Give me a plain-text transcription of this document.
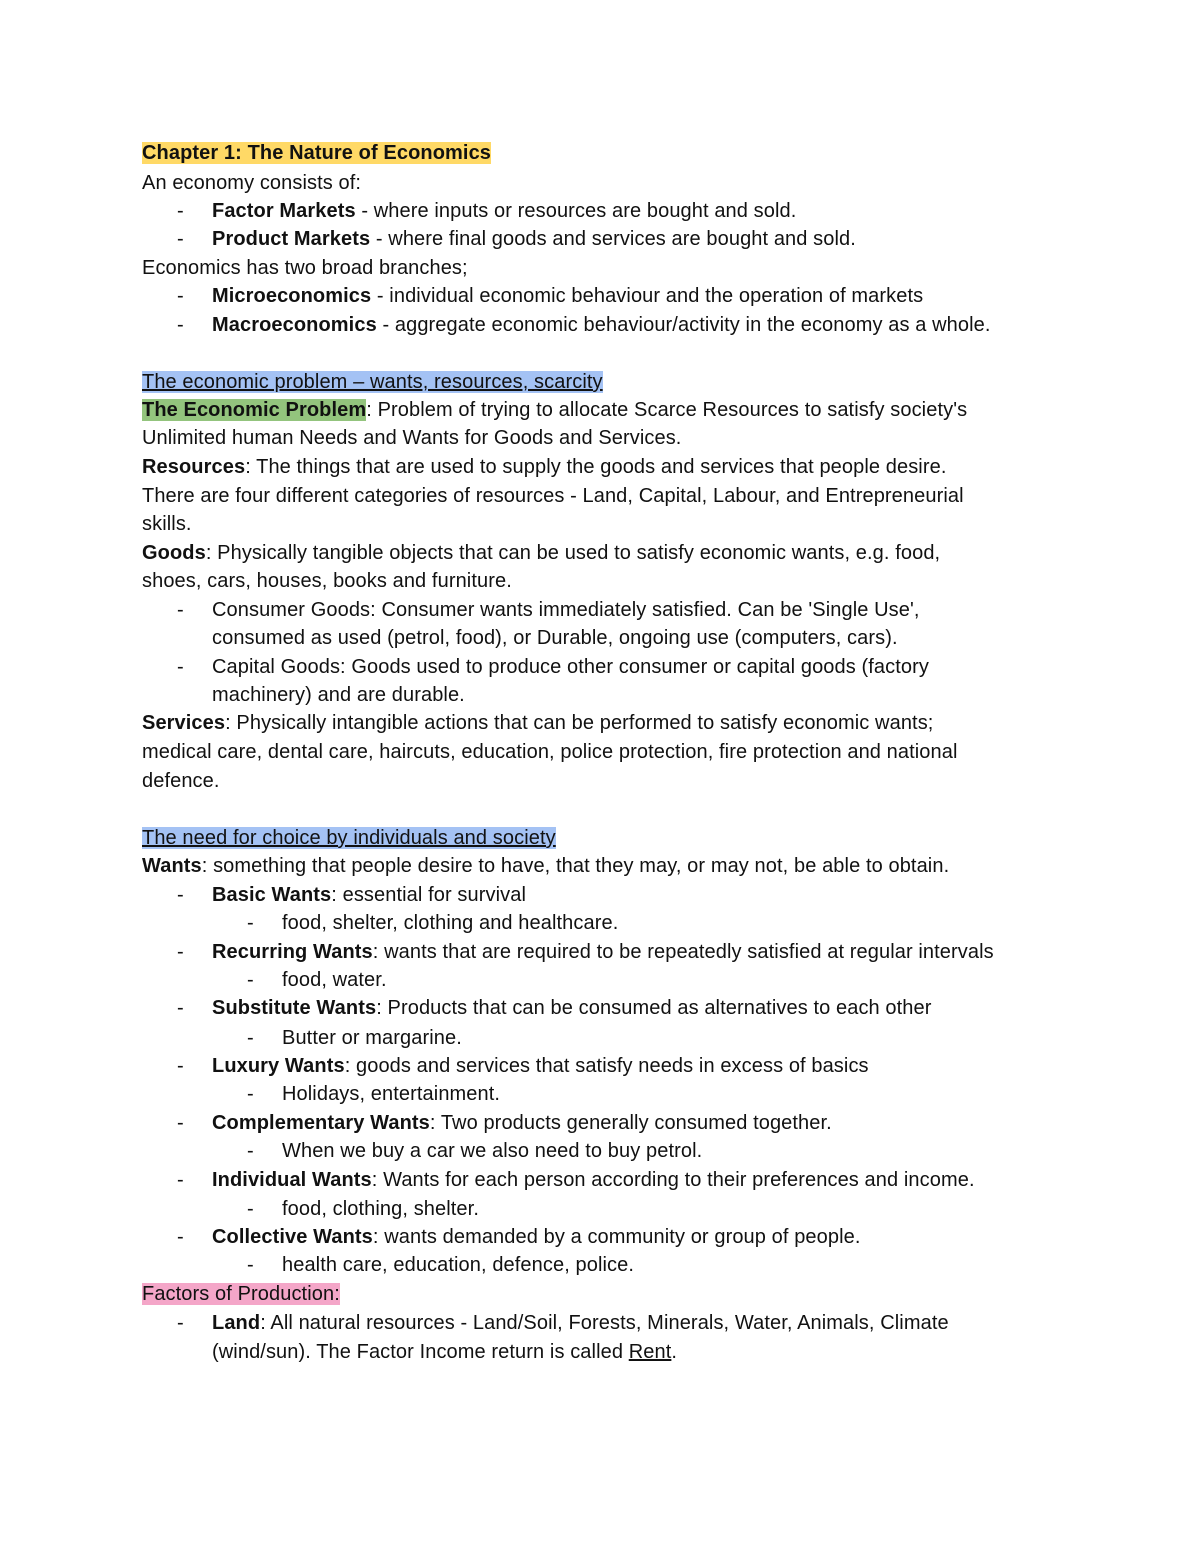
Chapter 1: The Nature of Economics
An economy consists of:
-	Factor Markets - where inputs or resources are bought and sold.
-	Product Markets - where final goods and services are bought and sold.
Economics has two broad branches;
-	Microeconomics - individual economic behaviour and the operation of markets
-	Macroeconomics - aggregate economic behaviour/activity in the economy as a whole.
The economic problem – wants, resources, scarcity
The Economic Problem: Problem of trying to allocate Scarce Resources to satisfy society's
Unlimited human Needs and Wants for Goods and Services.
Resources: The things that are used to supply the goods and services that people desire.
There are four different categories of resources - Land, Capital, Labour, and Entrepreneurial
skills.
Goods: Physically tangible objects that can be used to satisfy economic wants, e.g. food,
shoes, cars, houses, books and furniture.
-	Consumer Goods: Consumer wants immediately satisfied. Can be 'Single Use',
consumed as used (petrol, food), or Durable, ongoing use (computers, cars).
-	Capital Goods: Goods used to produce other consumer or capital goods (factory
machinery) and are durable.
Services: Physically intangible actions that can be performed to satisfy economic wants;
medical care, dental care, haircuts, education, police protection, fire protection and national
defence.
The need for choice by individuals and society
Wants: something that people desire to have, that they may, or may not, be able to obtain.
-	Basic Wants: essential for survival
-	food, shelter, clothing and healthcare.
-	Recurring Wants: wants that are required to be repeatedly satisfied at regular intervals
-	food, water.
-	Substitute Wants: Products that can be consumed as alternatives to each other
-	Butter or margarine.
-	Luxury Wants: goods and services that satisfy needs in excess of basics
-	Holidays, entertainment.
-	Complementary Wants: Two products generally consumed together.
-	When we buy a car we also need to buy petrol.
-	Individual Wants: Wants for each person according to their preferences and income.
-	food, clothing, shelter.
-	Collective Wants: wants demanded by a community or group of people.
-	health care, education, defence, police.
Factors of Production:
-	Land: All natural resources - Land/Soil, Forests, Minerals, Water, Animals, Climate
(wind/sun). The Factor Income return is called Rent.
